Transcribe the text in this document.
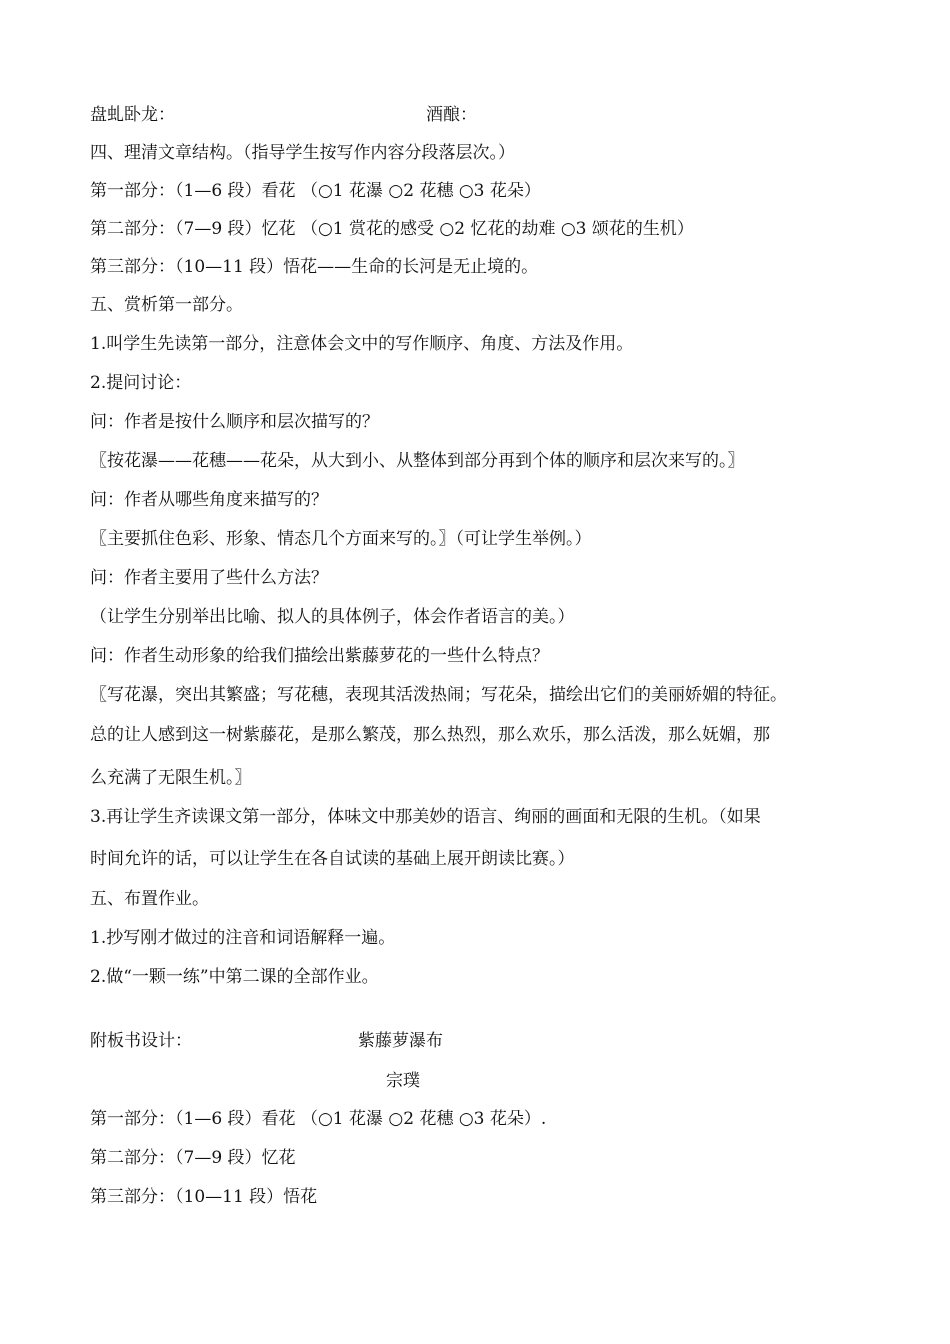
盘虬卧龙：	酒酿：
四、理清文章结构。（指导学生按写作内容分段落层次。）
第一部分：（1—6 段）看花 （○1 花瀑 ○2 花穗 ○3 花朵）
第二部分：（7—9 段）忆花 （○1 赏花的感受 ○2 忆花的劫难 ○3 颂花的生机）
第三部分：（10—11 段）悟花——生命的长河是无止境的。
五、赏析第一部分。
1.叫学生先读第一部分，注意体会文中的写作顺序、角度、方法及作用。
2.提问讨论：
问：作者是按什么顺序和层次描写的？
〖按花瀑——花穗——花朵，从大到小、从整体到部分再到个体的顺序和层次来写的。〗
问：作者从哪些角度来描写的？
〖主要抓住色彩、形象、情态几个方面来写的。〗（可让学生举例。）
问：作者主要用了些什么方法？
（让学生分别举出比喻、拟人的具体例子，体会作者语言的美。）
问：作者生动形象的给我们描绘出紫藤萝花的一些什么特点？
〖写花瀑，突出其繁盛；写花穗，表现其活泼热闹；写花朵，描绘出它们的美丽娇媚的特征。
总的让人感到这一树紫藤花，是那么繁茂，那么热烈，那么欢乐，那么活泼，那么妩媚，那
么充满了无限生机。〗
3.再让学生齐读课文第一部分，体味文中那美妙的语言、绚丽的画面和无限的生机。（如果
时间允许的话，可以让学生在各自试读的基础上展开朗读比赛。）
五、布置作业。
1.抄写刚才做过的注音和词语解释一遍。
2.做“一颗一练”中第二课的全部作业。
附板书设计：	紫藤萝瀑布
宗璞
第一部分：（1—6 段）看花 （○1 花瀑 ○2 花穗 ○3 花朵）.
第二部分：（7—9 段）忆花
第三部分：（10—11 段）悟花
